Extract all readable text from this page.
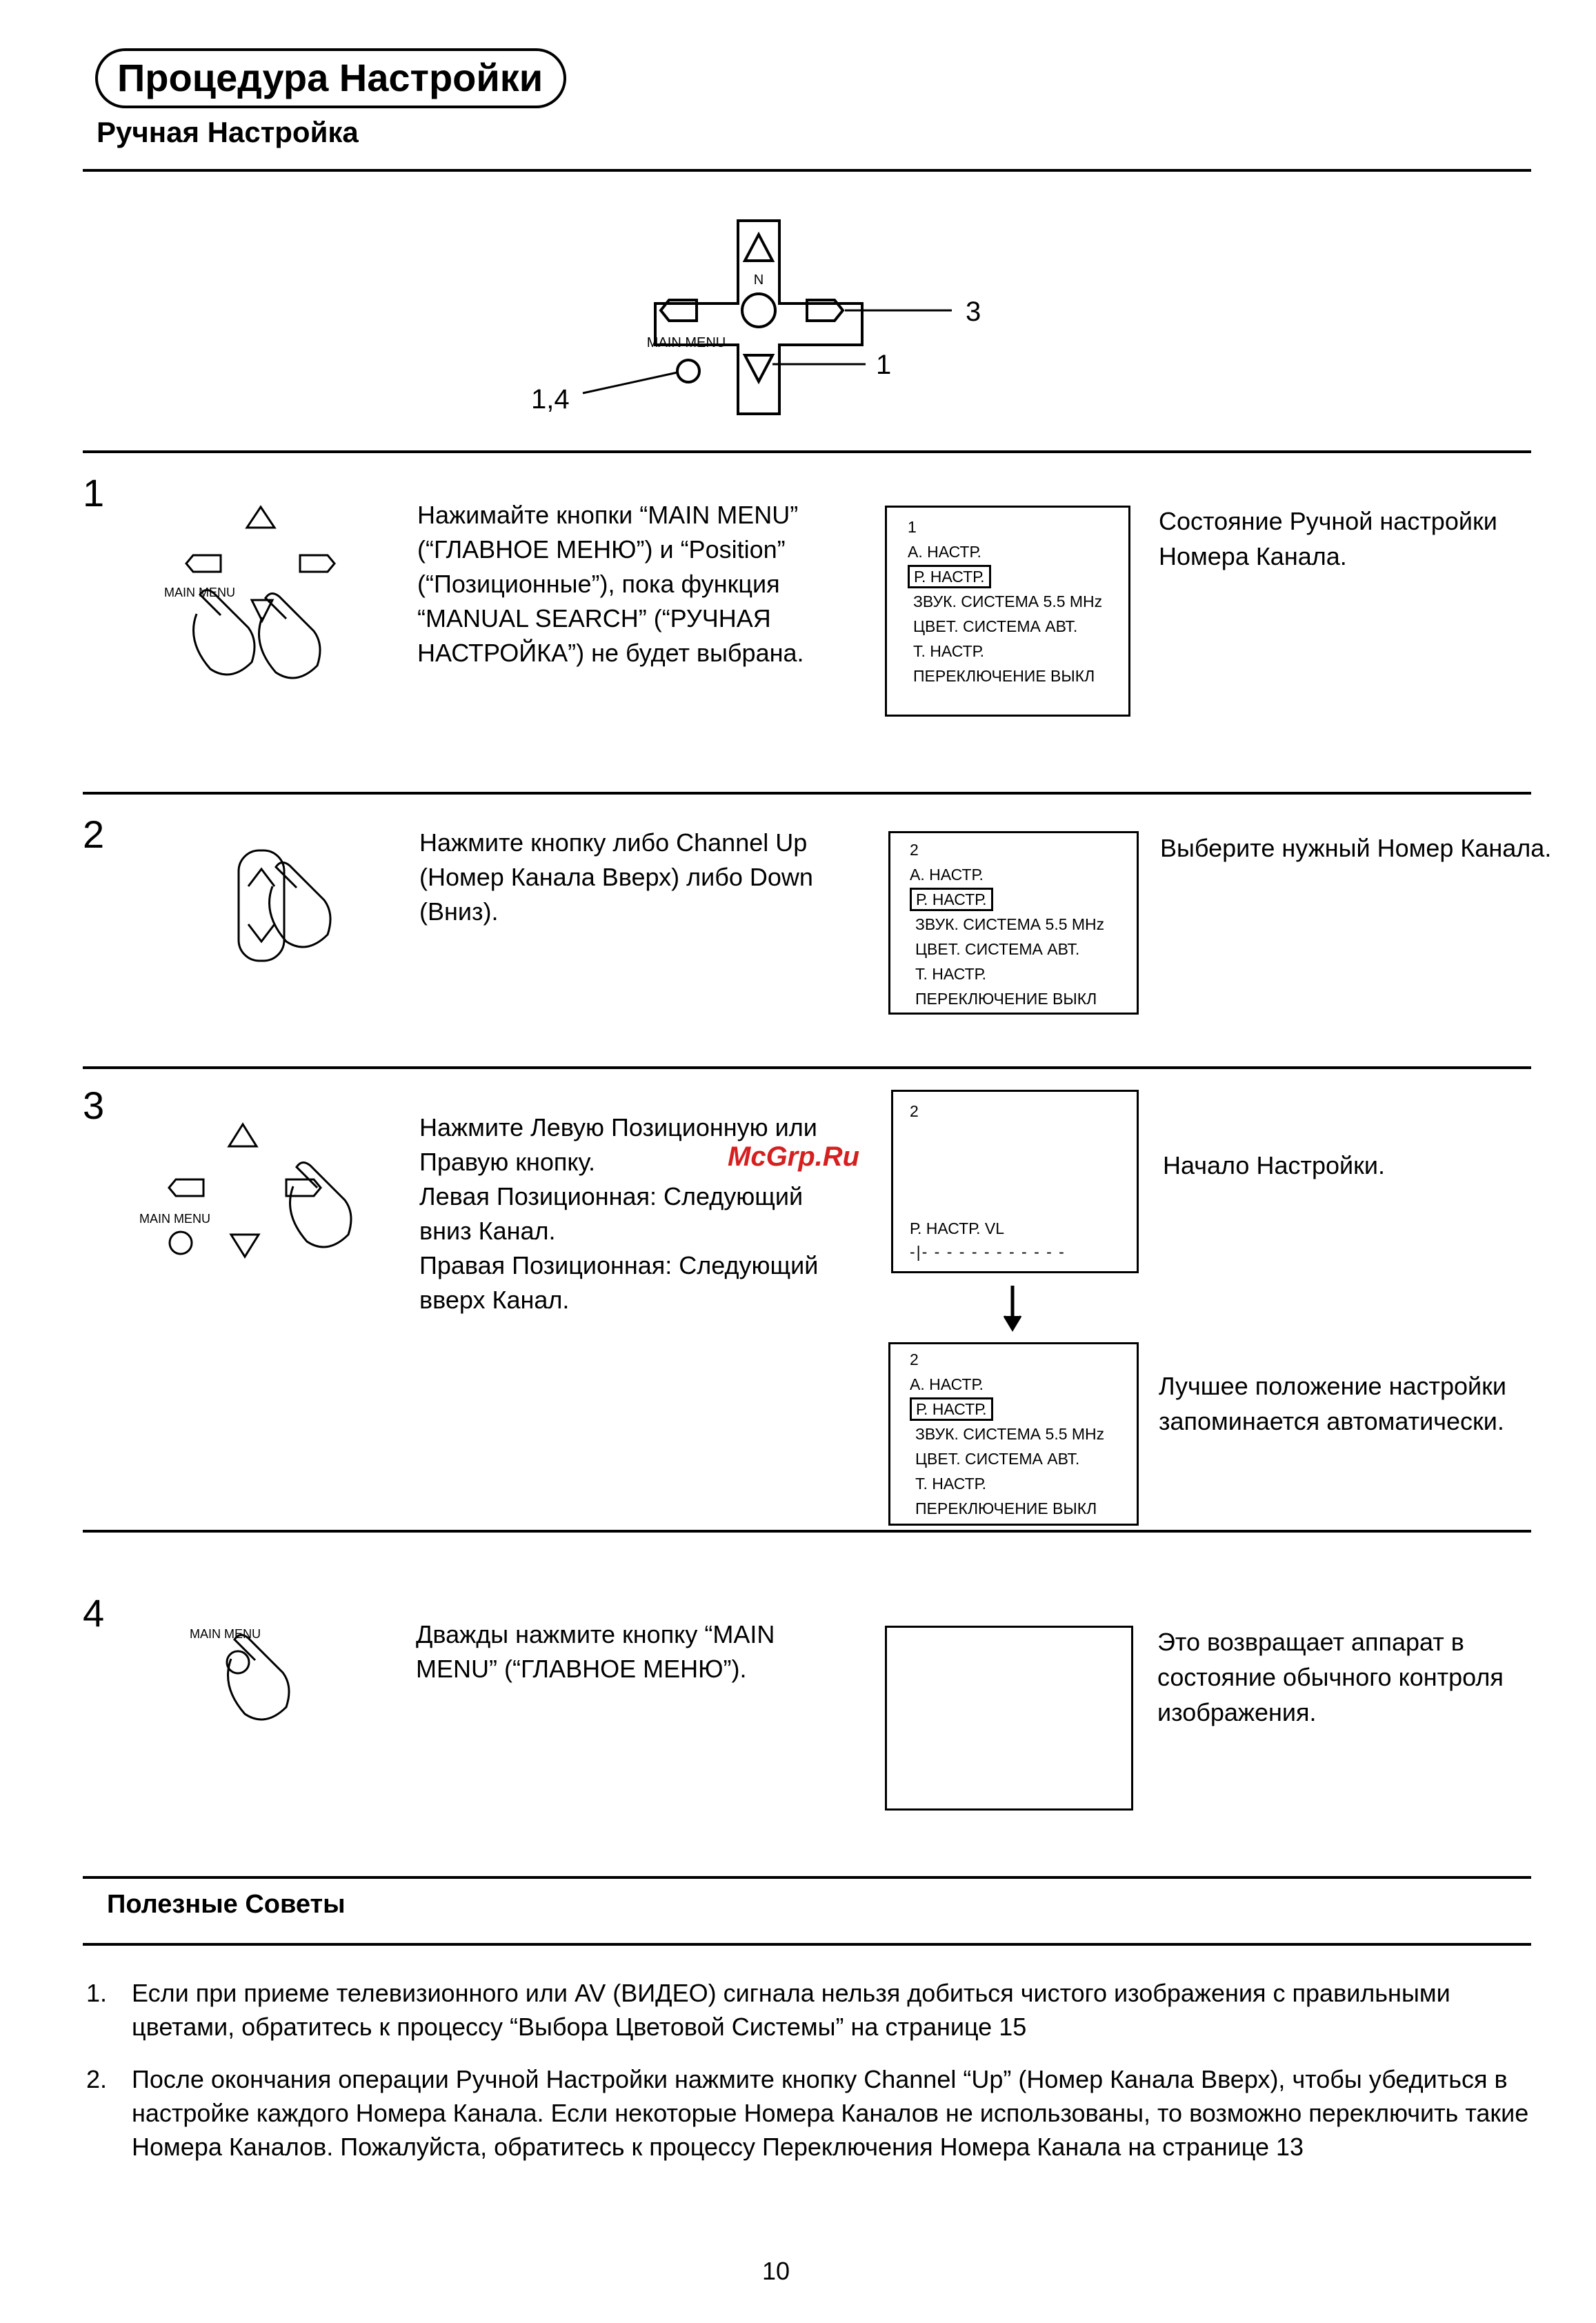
Процедура Настройки
Ручная Настройка
N
MAIN MENU
3
1
1,4
1
MAIN MENU
Нажимайте кнопки “MAIN MENU”
(“ГЛАВНОЕ МЕНЮ”) и “Position”
(“Позиционные”), пока функция
“MANUAL SEARCH” (“РУЧНАЯ
НАСТРОЙКА”) не будет выбрана.
1
А. НАСТР.
Р. НАСТР.
ЗВУК. СИСТЕМА 5.5 MHz
ЦВЕТ. СИСТЕМА АВТ.
Т. НАСТР.
ПЕРЕКЛЮЧЕНИЕ ВЫКЛ
Состояние Ручной настройки
Номера Канала.
2	Нажмите кнопку либо Channel Up
(Номер Канала Вверх) либо Down
(Вниз).
2
А. НАСТР.
Р. НАСТР.
ЗВУК. СИСТЕМА 5.5 MHz
ЦВЕТ. СИСТЕМА АВТ.
Т. НАСТР.
ПЕРЕКЛЮЧЕНИЕ ВЫКЛ
Выберите нужный Номер Канала.
3
MAIN MENU
Нажмите Левую Позиционную или
Правую кнопку.
Левая Позиционная: Следующий
вниз Канал.
Правая Позиционная: Следующий
вверх Канал.
McGrp.Ru
2
Р. НАСТР. VL
-|- - - - - - - - - - - -
2
А. НАСТР.
Р. НАСТР.
ЗВУК. СИСТЕМА 5.5 MHz
ЦВЕТ. СИСТЕМА АВТ.
Т. НАСТР.
ПЕРЕКЛЮЧЕНИЕ ВЫКЛ
Начало Настройки.
Лучшее положение настройки
запоминается автоматически.
4	MAIN MENU	Дважды нажмите кнопку “MAIN
MENU” (“ГЛАВНОЕ МЕНЮ”).
Это возвращает аппарат в
состояние обычного контроля
изображения.
Полезные Советы
1. Если при приеме телевизионного или AV (ВИДЕО) сигнала нельзя добиться чистого изображения с правильными цветами, обратитесь к процессу “Выбора Цветовой Системы” на странице 15
2. После окончания операции Ручной Настройки нажмите кнопку Channel “Up” (Номер Канала Вверх), чтобы убедиться в настройке каждого Номера Канала. Если некоторые Номера Каналов не использованы, то возможно переключить такие Номера Каналов. Пожалуйста, обратитесь к процессу Переключения Номера Канала на странице 13
10
